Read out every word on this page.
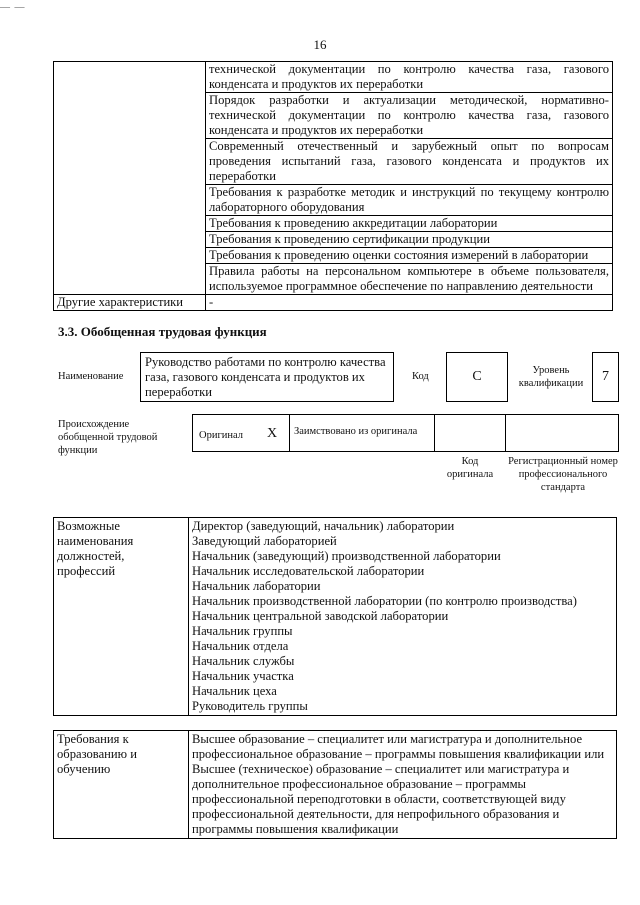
— —
16
	технической документации по контролю качества газа, газового конденсата и продуктов их переработки
	Порядок разработки и актуализации методической, нормативно-технической документации по контролю качества газа, газового конденсата и продуктов их переработки
	Современный отечественный и зарубежный опыт по вопросам проведения испытаний газа, газового конденсата и продуктов их переработки
	Требования к разработке методик и инструкций по текущему контролю лабораторного оборудования
	Требования к проведению аккредитации лаборатории
	Требования к проведению сертификации продукции
	Требования к проведению оценки состояния измерений в лаборатории
	Правила работы на персональном компьютере в объеме пользователя, используемое программное обеспечение по направлению деятельности
Другие характеристики	-
3.3. Обобщенная трудовая функция
Наименование
Руководство работами по контролю качества газа, газового конденсата и продуктов их переработки
Код	C	Уровень квалификации	7
Происхождение обобщенной трудовой функции
Оригинал X	Заимствовано из оригинала
Код оригинала
Регистрационный номер профессионального стандарта
Возможные наименования должностей, профессий	
Директор (заведующий, начальник) лаборатории
Заведующий лабораторией
Начальник (заведующий) производственной лаборатории
Начальник исследовательской лаборатории
Начальник лаборатории
Начальник производственной лаборатории (по контролю производства)
Начальник центральной заводской лаборатории
Начальник группы
Начальник отдела
Начальник службы
Начальник участка
Начальник цеха
Руководитель группы
Требования к образованию и обучению	
Высшее образование – специалитет или магистратура и дополнительное профессиональное образование – программы повышения квалификации или
Высшее (техническое) образование – специалитет или магистратура и дополнительное профессиональное образование – программы профессиональной переподготовки в области, соответствующей виду профессиональной деятельности, для непрофильного образования и программы повышения квалификации
